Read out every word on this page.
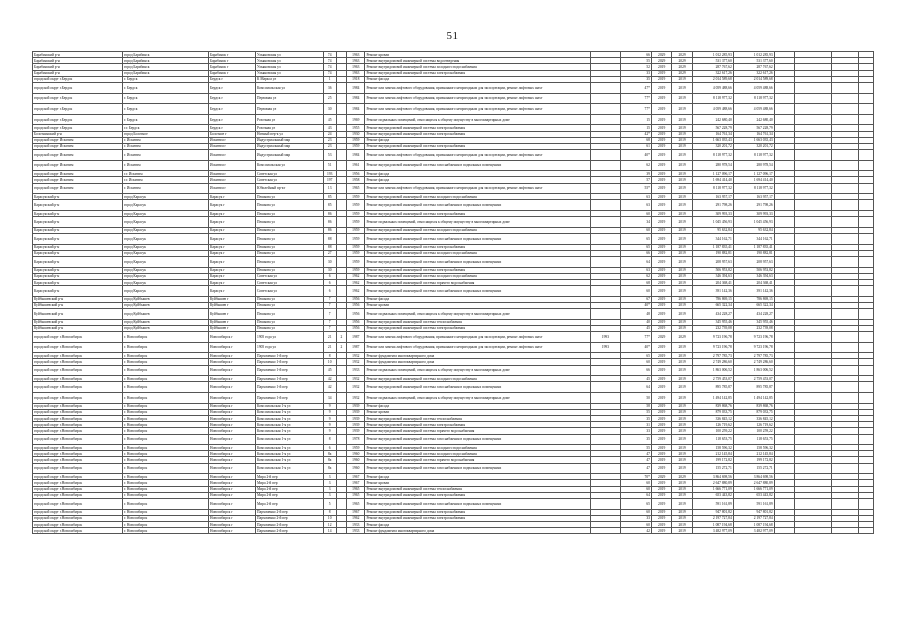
51
Барабинский р-н	город Барабинск	Барабинск г	Ульяновская ул	74		1963	Ремонт кровли		66	2029	2029	1 012 285,93	1 012 285,93				
Барабинский р-н	город Барабинск	Барабинск г	Ульяновская ул	74		1963	Ремонт внутридомовой инженерной системы водоотведения		55	2029	2029	531 377,60	531 377,60				
Барабинский р-н	город Барабинск	Барабинск г	Ульяновская ул	74		1963	Ремонт внутридомовой инженерной системы холодного водоснабжения		52	2019	2029	287 767,62	287 767,62				
Барабинский р-н	город Барабинск	Барабинск г	Ульяновская ул	74		1963	Ремонт внутридомовой инженерной системы электроснабжения		33	2019	2029	322 617,26	322 617,26				
городской округ г.Бердск	г. Бердск	Бердск г	К Маркса ул	1		1918	Ремонт фасада		35	2019	2019	2 014 589,68	2 014 589,68				
городской округ г.Бердск	г. Бердск	Бердск г	Комсомольская ул	36		1984	Ремонт или замена лифтового оборудования, признанного непригодным для эксплуатации, ремонт лифтовых шахт		47*	2019	2019	4 059 488,66	4 059 488,66				
городской округ г.Бердск	г. Бердск	Бердск г	Первомая ул	25		1984	Ремонт или замена лифтового оборудования, признанного непригодным для эксплуатации, ремонт лифтовых шахт		77*	2019	2019	8 118 977,32	8 118 977,32				
городской округ г.Бердск	г. Бердск	Бердск г	Первомая ул	30		1984	Ремонт или замена лифтового оборудования, признанного непригодным для эксплуатации, ремонт лифтовых шахт		77*	2019	2019	4 059 488,66	4 059 488,66				
городской округ г.Бердск	г. Бердск	Бердск г	Розочная ул	45		1969	Ремонт подвальных помещений, относящихся к общему имуществу в многоквартирных доме		15	2019	2019	242 680,40	242 680,40				
городской округ г.Бердск	г.г. Бердск	Бердск г	Розочная ул	43		1955	Ремонт внутридомовой инженерной системы электроснабжения		15	2019	2019	567 228,79	567 228,79				
Болотнинский р-н	город Болотное	Болотное г	Нитный пер-к ул	24		1930	Ремонт внутридомовой инженерной системы электроснабжения		42*	2019	2019	164 761,34	164 761,34				
городской округ Искитим	г. Искитим	Искитим г	Индустриальный мкр	23		1959	Ремонт фасада		68	2019	2019	1 663 035,43	1 663 035,43				
городской округ Искитим	г. Искитим	Искитим г	Индустриальный мкр	23		1959	Ремонт внутридомовой инженерной системы электроснабжения		61	2019	2019	320 201,72	320 201,72				
городской округ Искитим	г. Искитим	Искитим г	Индустриальный мкр	53		1984	Ремонт или замена лифтового оборудования, признанного непригодным для эксплуатации, ремонт лифтовых шахт		40*	2019	2019	8 118 977,32	8 118 977,32				
городской округ Искитим	г. Искитим	Искитим г	Комсомольская ул	51		1961	Ремонт внутридомовой инженерной системы газоснабжения в подвальных помещениях		62	2019	2019	280 978,54	280 978,54				
городской округ Искитим	г.г. Искитим	Искитим г	Советская ул	193		1956	Ремонт фасада		39	2019	2019	1 127 096,17	1 127 096,17				
городской округ Искитим	г.г. Искитим	Искитим г	Советская ул	197		1958	Ремонт фасада		57	2019	2019	1 694 414,40	1 694 414,40				
городской округ Искитим	г. Искитим	Искитим г	Юбилейный пр-кт	13		1965	Ремонт или замена лифтового оборудования, признанного непригодным для эксплуатации, ремонт лифтовых шахт		55*	2019	2019	8 118 977,32	8 118 977,32				
Карасукский р-н	город Карасук	Карасук г	Пешкова ул	85		1959	Ремонт внутридомовой инженерной системы холодного водоснабжения		63	2019	2019	163 957,17	163 957,17				
Карасукский р-н	город Карасук	Карасук г	Пешкова ул	85		1959	Ремонт внутридомовой инженерной системы газоснабжения в подвальных помещениях		63	2019	2019	291 798,26	291 798,26				
Карасукский р-н	город Карасук	Карасук г	Пешкова ул	86		1959	Ремонт внутридомовой инженерной системы электроснабжения		60	2019	2019	309 993,33	309 993,33				
Карасукский р-н	город Карасук	Карасук г	Пешкова ул	86		1959	Ремонт подвальных помещений, относящихся к общему имуществу в многоквартирных доме		34	2019	2019	1 045 456,93	1 045 456,93				
Карасукский р-н	город Карасук	Карасук г	Пешкова ул	86		1959	Ремонт внутридомовой инженерной системы холодного водоснабжения		60	2019	2019	95 632,84	95 632,84				
Карасукский р-н	город Карасук	Карасук г	Пешкова ул	88		1959	Ремонт внутридомовой инженерной системы газоснабжения в подвальных помещениях		65	2019	2019	344 162,71	344 162,71				
Карасукский р-н	город Карасук	Карасук г	Пешкова ул	88		1959	Ремонт внутридомовой инженерной системы электроснабжения		65	2019	2019	1 187 835,41	1 187 835,41				
Карасукский р-н	город Карасук	Карасук г	Пешкова ул	27		1959	Ремонт внутридомовой инженерной системы холодного водоснабжения		66	2019	2019	190 882,81	190 882,81				
Карасукский р-н	город Карасук	Карасук г	Пешкова ул	30		1959	Ремонт внутридомовой инженерной системы газоснабжения в подвальных помещениях		64	2019	2019	208 957,63	208 957,63				
Карасукский р-н	город Карасук	Карасук г	Пешкова ул	30		1959	Ремонт внутридомовой инженерной системы электроснабжения		63	2019	2019	506 953,82	506 953,82				
Карасукский р-н	город Карасук	Карасук г	Советская ул	6		1962	Ремонт внутридомовой инженерной системы холодного водоснабжения		62	2019	2019	346 394,63	346 394,63				
Карасукский р-н	город Карасук	Карасук г	Советская ул	6		1962	Ремонт внутридомовой инженерной системы горячего водоснабжения		68	2019	2019	204 368,41	204 368,41				
Карасукский р-н	город Карасук	Карасук г	Советская ул	6		1962	Ремонт внутридомовой инженерной системы газоснабжения в подвальных помещениях		60	2019	2019	391 142,36	391 142,36				
Куйбышевский р-н	город Куйбышев	Куйбышев г	Пешкова ул	7		1956	Ремонт фасада		67	2019	2019	786 869,15	786 869,15				
Куйбышевский р-н	город Куйбышев	Куйбышев г	Пешкова ул	7		1956	Ремонт кровли		40*	2019	2019	665 322,34	665 322,34				
Куйбышевский р-н	город Куйбышев	Куйбышев г	Пешкова ул	7		1956	Ремонт подвальных помещений, относящихся к общему имуществу в многоквартирных доме		48	2019	2019	434 228,27	434 228,27				
Куйбышевский р-н	город Куйбышев	Куйбышев г	Пешкова ул	7		1956	Ремонт внутридомовой инженерной системы теплоснабжения		40	2019	2019	345 955,46	345 955,46				
Куйбышевский р-н	город Куйбышев	Куйбышев г	Пешкова ул	7		1956	Ремонт внутридомовой инженерной системы электроснабжения		45	2019	2019	232 739,08	232 739,08				
городской округ г.Новосибирск	г. Новосибирск	Новосибирск г	1905 года ул	21	2	1987	Ремонт или замена лифтового оборудования, признанного непригодным для эксплуатации, ремонт лифтовых шахт	1993	77*	2029	2029	9 723 196,78	9 723 196,78				
городской округ г.Новосибирск	г. Новосибирск	Новосибирск г	1905 года ул	21	2	1987	Ремонт или замена лифтового оборудования, признанного непригодным для эксплуатации, ремонт лифтовых шахт	1993	40*	2019	2019	9 723 196,78	9 723 196,78				
городской округ г.Новосибирск	г. Новосибирск	Новосибирск г	Пархоменко 1-й пер	8		1932	Ремонт фундамента многоквартирного дома		65	2019	2019	2 797 785,73	2 797 785,73				
городской округ г.Новосибирск	г. Новосибирск	Новосибирск г	Пархоменко 1-й пер	10		1932	Ремонт фундамента многоквартирного дома		60	2019	2019	2 749 286,60	2 749 286,60				
городской округ г.Новосибирск	г. Новосибирск	Новосибирск г	Пархоменко 1-й пер	45		1933	Ремонт подвальных помещений, относящихся к общему имуществу в многоквартирных доме		66	2019	2019	1 863 006,52	1 863 006,52				
городской округ г.Новосибирск	г. Новосибирск	Новосибирск г	Пархоменко 1-й пер	42		1932	Ремонт внутридомовой инженерной системы холодного водоснабжения		45	2019	2019	2 759 453,07	2 759 453,07				
городской округ г.Новосибирск	г. Новосибирск	Новосибирск г	Пархоменко 1-й пер	42		1932	Ремонт внутридомовой инженерной системы газоснабжения в подвальных помещениях		64	2019	2019	895 785,87	895 785,87				
городской округ г.Новосибирск	г. Новосибирск	Новосибирск г	Пархоменко 1-й пер	34		1932	Ремонт подвальных помещений, относящихся к общему имуществу в многоквартирных доме		50	2019	2019	1 494 142,85	1 494 142,85				
городской округ г.Новосибирск	г. Новосибирск	Новосибирск г	Комсомольская 1-я ул	9		1939	Ремонт фасада		58	2019	2019	839 868,76	839 868,76				
городской округ г.Новосибирск	г. Новосибирск	Новосибирск г	Комсомольская 1-я ул	9		1939	Ремонт кровли		55	2019	2019	879 033,75	879 033,75				
городской округ г.Новосибирск	г. Новосибирск	Новосибирск г	Комсомольская 1-я ул	9		1939	Ремонт внутридомовой инженерной системы теплоснабжения		35	2019	2019	336 845,12	336 845,12				
городской округ г.Новосибирск	г. Новосибирск	Новосибирск г	Комсомольская 1-я ул	9		1939	Ремонт внутридомовой инженерной системы электроснабжения		31	2019	2019	126 719,62	126 719,62				
городской округ г.Новосибирск	г. Новосибирск	Новосибирск г	Комсомольская 1-я ул	9		1939	Ремонт внутридомовой инженерной системы горячего водоснабжения		33	2019	2019	100 259,22	100 259,22				
городской округ г.Новосибирск	г. Новосибирск	Новосибирск г	Комсомольская 1-я ул	8		1978	Ремонт внутридомовой инженерной системы газоснабжения в подвальных помещениях		35	2019	2019	118 653,75	118 653,75				
городской округ г.Новосибирск	г. Новосибирск	Новосибирск г	Комсомольская 1-я ул	6		1959	Ремонт внутридомовой инженерной системы холодного водоснабжения		55	2019	2019	158 596,32	158 596,32				
городской округ г.Новосибирск	г. Новосибирск	Новосибирск г	Комсомольская 1-я ул	8а		1960	Ремонт внутридомовой инженерной системы холодного водоснабжения		47	2019	2019	212 145,84	212 145,84				
городской округ г.Новосибирск	г. Новосибирск	Новосибирск г	Комсомольская 1-я ул	8а		1960	Ремонт внутридомовой инженерной системы горячего водоснабжения		47	2019	2019	199 172,82	199 172,82				
городской округ г.Новосибирск	г. Новосибирск	Новосибирск г	Комсомольская 1-я ул	8а		1960	Ремонт внутридомовой инженерной системы газоснабжения в подвальных помещениях		47	2019	2019	155 272,71	155 272,71				
городской округ г.Новосибирск	г. Новосибирск	Новосибирск г	Мира 2-й пер	3		1967	Ремонт фасада		70*	2029	2029	3 864 698,56	3 864 698,56				
городской округ г.Новосибирск	г. Новосибирск	Новосибирск г	Мира 2-й пер	3		1967	Ремонт кровли		60	2019	2019	2 647 880,89	2 647 880,89				
городской округ г.Новосибирск	г. Новосибирск	Новосибирск г	Мира 2-й пер	3		1965	Ремонт внутридомовой инженерной системы теплоснабжения		60	2019	2019	1 666 771,09	1 666 771,09				
городской округ г.Новосибирск	г. Новосибирск	Новосибирск г	Мира 2-й пер	3		1965	Ремонт внутридомовой инженерной системы электроснабжения		64	2019	2019	653 443,82	653 443,82				
городской округ г.Новосибирск	г. Новосибирск	Новосибирск г	Мира 2-й пер	5		1965	Ремонт внутридомовой инженерной системы газоснабжения в подвальных помещениях		65	2019	2019	591 161,89	591 161,89				
городской округ г.Новосибирск	г. Новосибирск	Новосибирск г	Пархоменко 2-й пер	8		1967	Ремонт внутридомовой инженерной системы электроснабжения		60	2019	2019	947 801,82	947 801,82				
городской округ г.Новосибирск	г. Новосибирск	Новосибирск г	Пархоменко 2-й пер	10		1962	Ремонт внутридомовой инженерной системы электроснабжения		33	2019	2019	2 197 727,84	2 197 727,84				
городской округ г.Новосибирск	г. Новосибирск	Новосибирск г	Пархоменко 2-й пер	12		1933	Ремонт фасада		60	2019	2019	1 087 194,68	1 087 194,68				
городской округ г.Новосибирск	г. Новосибирск	Новосибирск г	Пархоменко 2-й пер	14		1933	Ремонт фундамента многоквартирного дома		42	2019	2019	3 482 977,09	3 482 977,09				
